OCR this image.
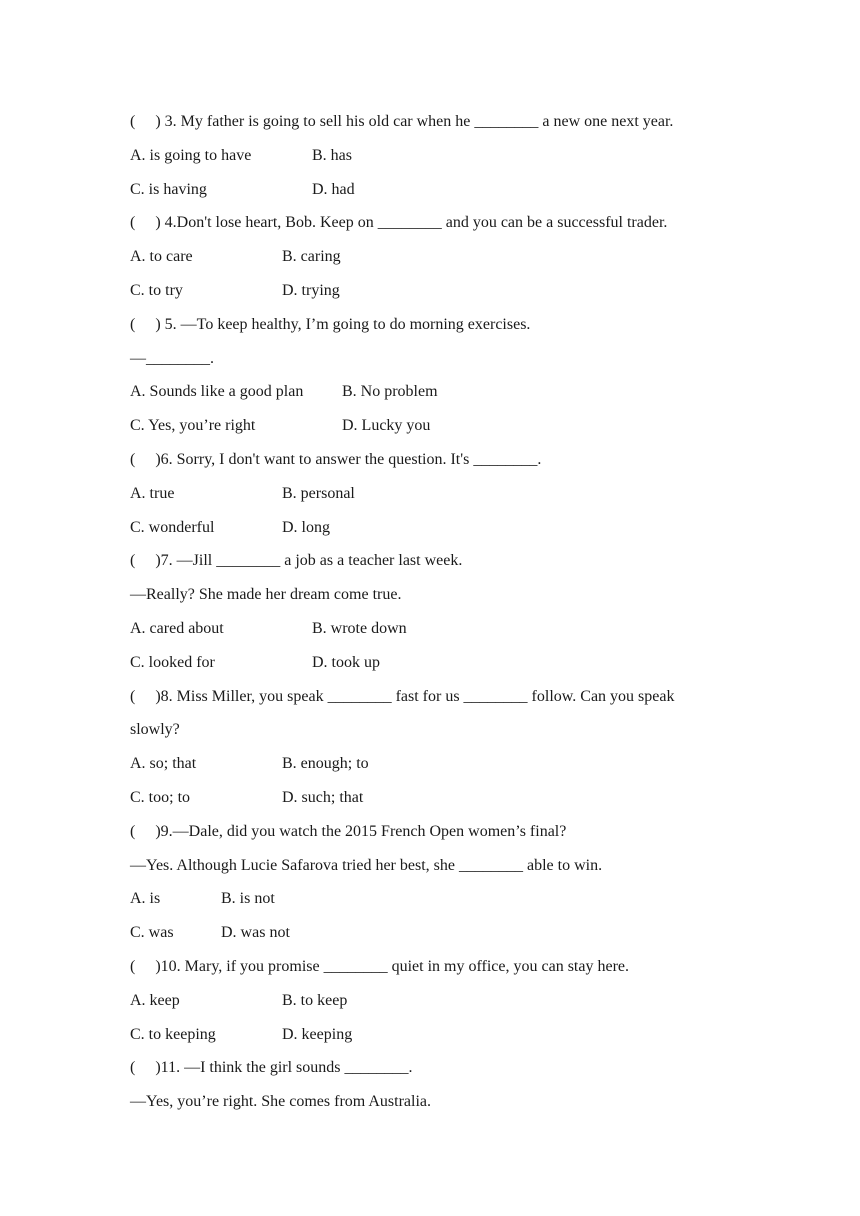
(     ) 3. My father is going to sell his old car when he ________ a new one next year.
A. is going to have	B. has
C. is having	D. had
(     ) 4.Don't lose heart, Bob. Keep on ________ and you can be a successful trader.
A. to care	B. caring
C. to try	D. trying
(     ) 5. —To keep healthy, I’m going to do morning exercises.
—________.
A. Sounds like a good plan B. No problem
C. Yes, you’re right	D. Lucky you
(     )6. Sorry, I don't want to answer the question. It's ________.
A. true	B. personal
C. wonderful	D. long
(     )7. —Jill ________ a job as a teacher last week.
—Really? She made her dream come true.
A. cared about	B. wrote down
C. looked for	D. took up
(     )8. Miss Miller, you speak ________ fast for us ________ follow. Can you speak
slowly?
A. so; that	B. enough; to
C. too; to	D. such; that
(     )9.—Dale, did you watch the 2015 French Open women’s final?
—Yes. Although Lucie Safarova tried her best, she ________ able to win.
A. is	B. is not
C. was	D. was not
(     )10. Mary, if you promise ________ quiet in my office, you can stay here.
A. keep	B. to keep
C. to keeping	D. keeping
(     )11. —I think the girl sounds ________.
—Yes, you’re right. She comes from Australia.
